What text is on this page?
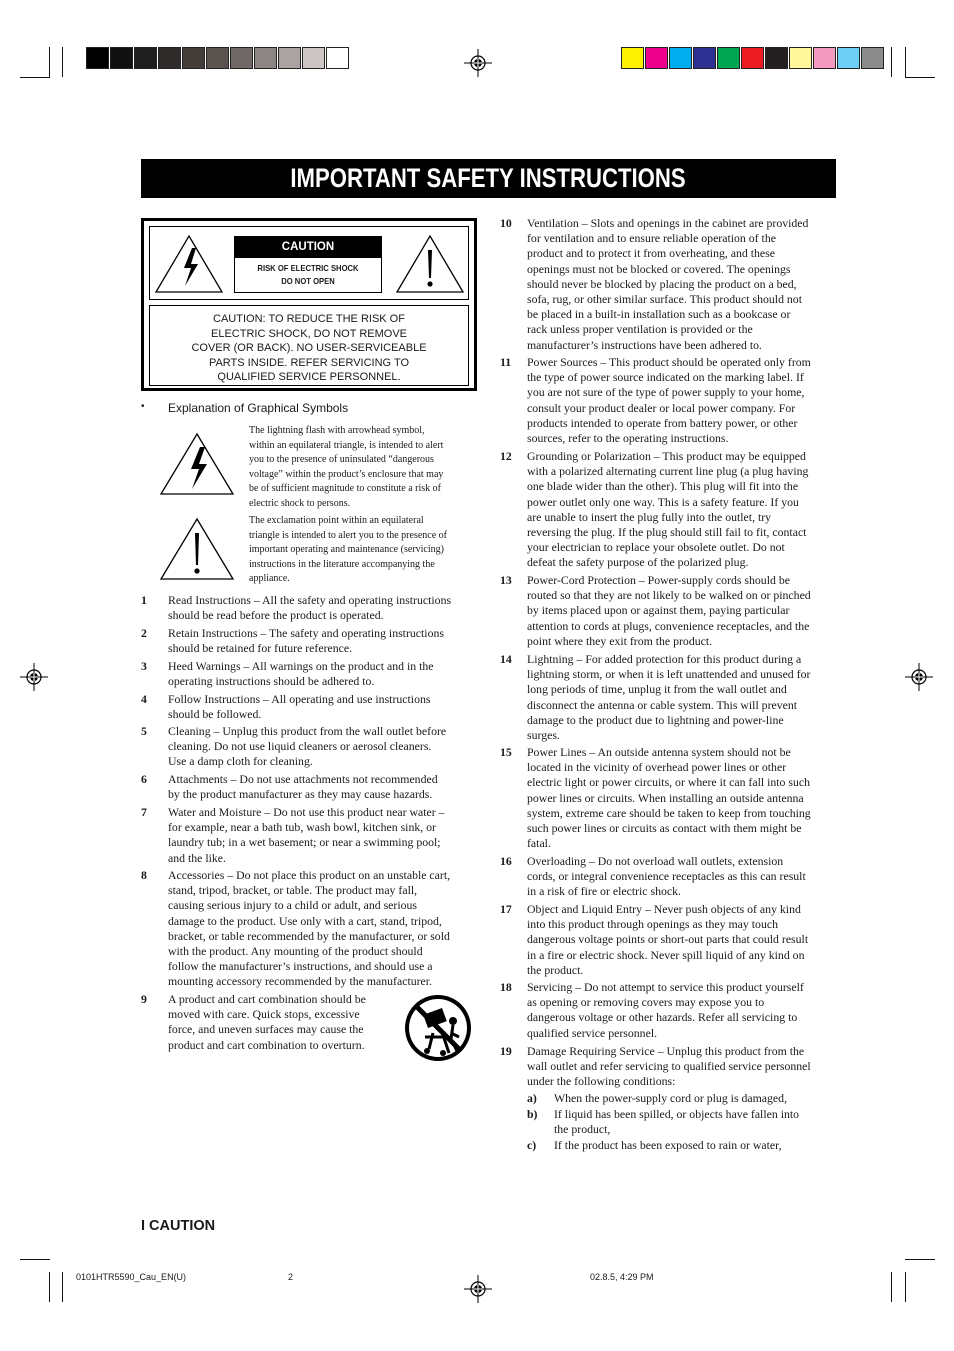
IMPORTANT SAFETY INSTRUCTIONS
CAUTION
RISK OF ELECTRIC SHOCK
DO NOT OPEN
CAUTION: TO REDUCE THE RISK OF
ELECTRIC SHOCK, DO NOT REMOVE
COVER (OR BACK). NO USER-SERVICEABLE
PARTS INSIDE. REFER SERVICING TO
QUALIFIED SERVICE PERSONNEL.
• Explanation of Graphical Symbols
The lightning flash with arrowhead symbol,
within an equilateral triangle, is intended to alert
you to the presence of uninsulated “dangerous
voltage” within the product’s enclosure that may
be of sufficient magnitude to constitute a risk of
electric shock to persons.
The exclamation point within an equilateral
triangle is intended to alert you to the presence of
important operating and maintenance (servicing)
instructions in the literature accompanying the
appliance.
1	Read Instructions – All the safety and operating instructions
should be read before the product is operated.
2	Retain Instructions – The safety and operating instructions
should be retained for future reference.
3	Heed Warnings – All warnings on the product and in the
operating instructions should be adhered to.
4	Follow Instructions – All operating and use instructions
should be followed.
5	Cleaning – Unplug this product from the wall outlet before
cleaning. Do not use liquid cleaners or aerosol cleaners.
Use a damp cloth for cleaning.
6	Attachments – Do not use attachments not recommended
by the product manufacturer as they may cause hazards.
7	Water and Moisture – Do not use this product near water –
for example, near a bath tub, wash bowl, kitchen sink, or
laundry tub; in a wet basement; or near a swimming pool;
and the like.
8	Accessories – Do not place this product on an unstable cart,
stand, tripod, bracket, or table. The product may fall,
causing serious injury to a child or adult, and serious
damage to the product. Use only with a cart, stand, tripod,
bracket, or table recommended by the manufacturer, or sold
with the product. Any mounting of the product should
follow the manufacturer’s instructions, and should use a
mounting accessory recommended by the manufacturer.
9	A product and cart combination should be
moved with care. Quick stops, excessive
force, and uneven surfaces may cause the
product and cart combination to overturn.
10	Ventilation – Slots and openings in the cabinet are provided
for ventilation and to ensure reliable operation of the
product and to protect it from overheating, and these
openings must not be blocked or covered. The openings
should never be blocked by placing the product on a bed,
sofa, rug, or other similar surface. This product should not
be placed in a built-in installation such as a bookcase or
rack unless proper ventilation is provided or the
manufacturer’s instructions have been adhered to.
11	Power Sources – This product should be operated only from
the type of power source indicated on the marking label. If
you are not sure of the type of power supply to your home,
consult your product dealer or local power company. For
products intended to operate from battery power, or other
sources, refer to the operating instructions.
12	Grounding or Polarization – This product may be equipped
with a polarized alternating current line plug (a plug having
one blade wider than the other). This plug will fit into the
power outlet only one way. This is a safety feature. If you
are unable to insert the plug fully into the outlet, try
reversing the plug. If the plug should still fail to fit, contact
your electrician to replace your obsolete outlet. Do not
defeat the safety purpose of the polarized plug.
13	Power-Cord Protection – Power-supply cords should be
routed so that they are not likely to be walked on or pinched
by items placed upon or against them, paying particular
attention to cords at plugs, convenience receptacles, and the
point where they exit from the product.
14	Lightning – For added protection for this product during a
lightning storm, or when it is left unattended and unused for
long periods of time, unplug it from the wall outlet and
disconnect the antenna or cable system. This will prevent
damage to the product due to lightning and power-line
surges.
15	Power Lines – An outside antenna system should not be
located in the vicinity of overhead power lines or other
electric light or power circuits, or where it can fall into such
power lines or circuits. When installing an outside antenna
system, extreme care should be taken to keep from touching
such power lines or circuits as contact with them might be
fatal.
16	Overloading – Do not overload wall outlets, extension
cords, or integral convenience receptacles as this can result
in a risk of fire or electric shock.
17	Object and Liquid Entry – Never push objects of any kind
into this product through openings as they may touch
dangerous voltage points or short-out parts that could result
in a fire or electric shock. Never spill liquid of any kind on
the product.
18	Servicing – Do not attempt to service this product yourself
as opening or removing covers may expose you to
dangerous voltage or other hazards. Refer all servicing to
qualified service personnel.
19	Damage Requiring Service – Unplug this product from the
wall outlet and refer servicing to qualified service personnel
under the following conditions:
a) When the power-supply cord or plug is damaged,
b) If liquid has been spilled, or objects have fallen into
the product,
c) If the product has been exposed to rain or water,
I CAUTION
0101HTR5590_Cau_EN(U)	2	02.8.5, 4:29 PM
